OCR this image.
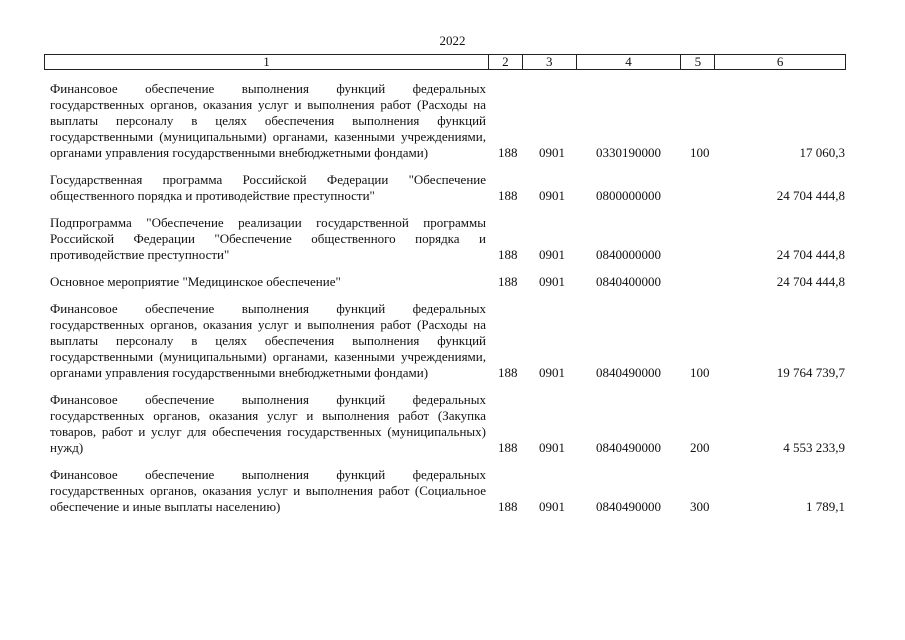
2022
1	2	3	4	5	6
Финансовое обеспечение выполнения функций федеральных государственных органов, оказания услуг и выполнения работ (Расходы на выплаты персоналу в целях обеспечения выполнения функций государственными (муниципальными) органами, казенными учреждениями, органами управления государственными внебюджетными фондами)	188 0901 0330190000 100	17 060,3
Государственная программа Российской Федерации "Обеспечение общественного порядка и противодействие преступности"	188 0901 0800000000	24 704 444,8
Подпрограмма "Обеспечение реализации государственной программы Российской Федерации "Обеспечение общественного порядка и противодействие преступности"	188 0901 0840000000	24 704 444,8
Основное мероприятие "Медицинское обеспечение"	188 0901 0840400000	24 704 444,8
Финансовое обеспечение выполнения функций федеральных государственных органов, оказания услуг и выполнения работ (Расходы на выплаты персоналу в целях обеспечения выполнения функций государственными (муниципальными) органами, казенными учреждениями, органами управления государственными внебюджетными фондами)	188 0901 0840490000 100	19 764 739,7
Финансовое обеспечение выполнения функций федеральных государственных органов, оказания услуг и выполнения работ (Закупка товаров, работ и услуг для обеспечения государственных (муниципальных) нужд)	188 0901 0840490000 200	4 553 233,9
Финансовое обеспечение выполнения функций федеральных государственных органов, оказания услуг и выполнения работ (Социальное обеспечение и иные выплаты населению)	188 0901 0840490000 300	1 789,1
